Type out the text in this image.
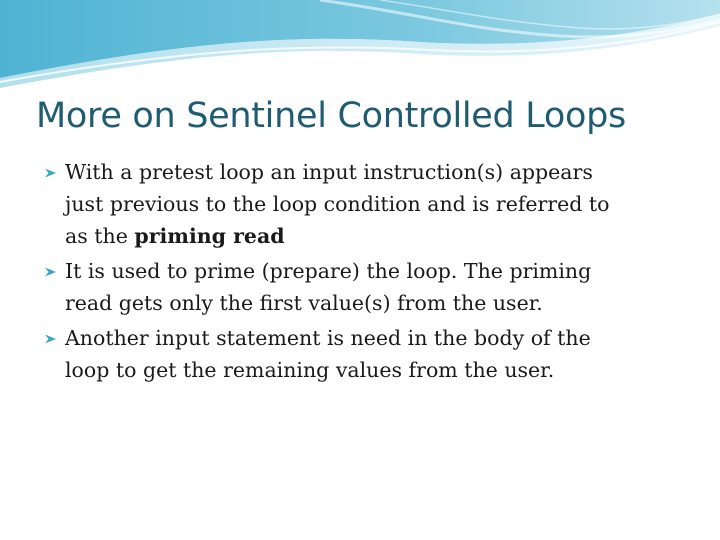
More on Sentinel Controlled Loops
With a pretest loop an input instruction(s) appears
just previous to the loop condition and is referred to
as the priming read
It is used to prime (prepare) the loop. The priming
read gets only the first value(s) from the user.
Another input statement is need in the body of the
loop to get the remaining values from the user.
